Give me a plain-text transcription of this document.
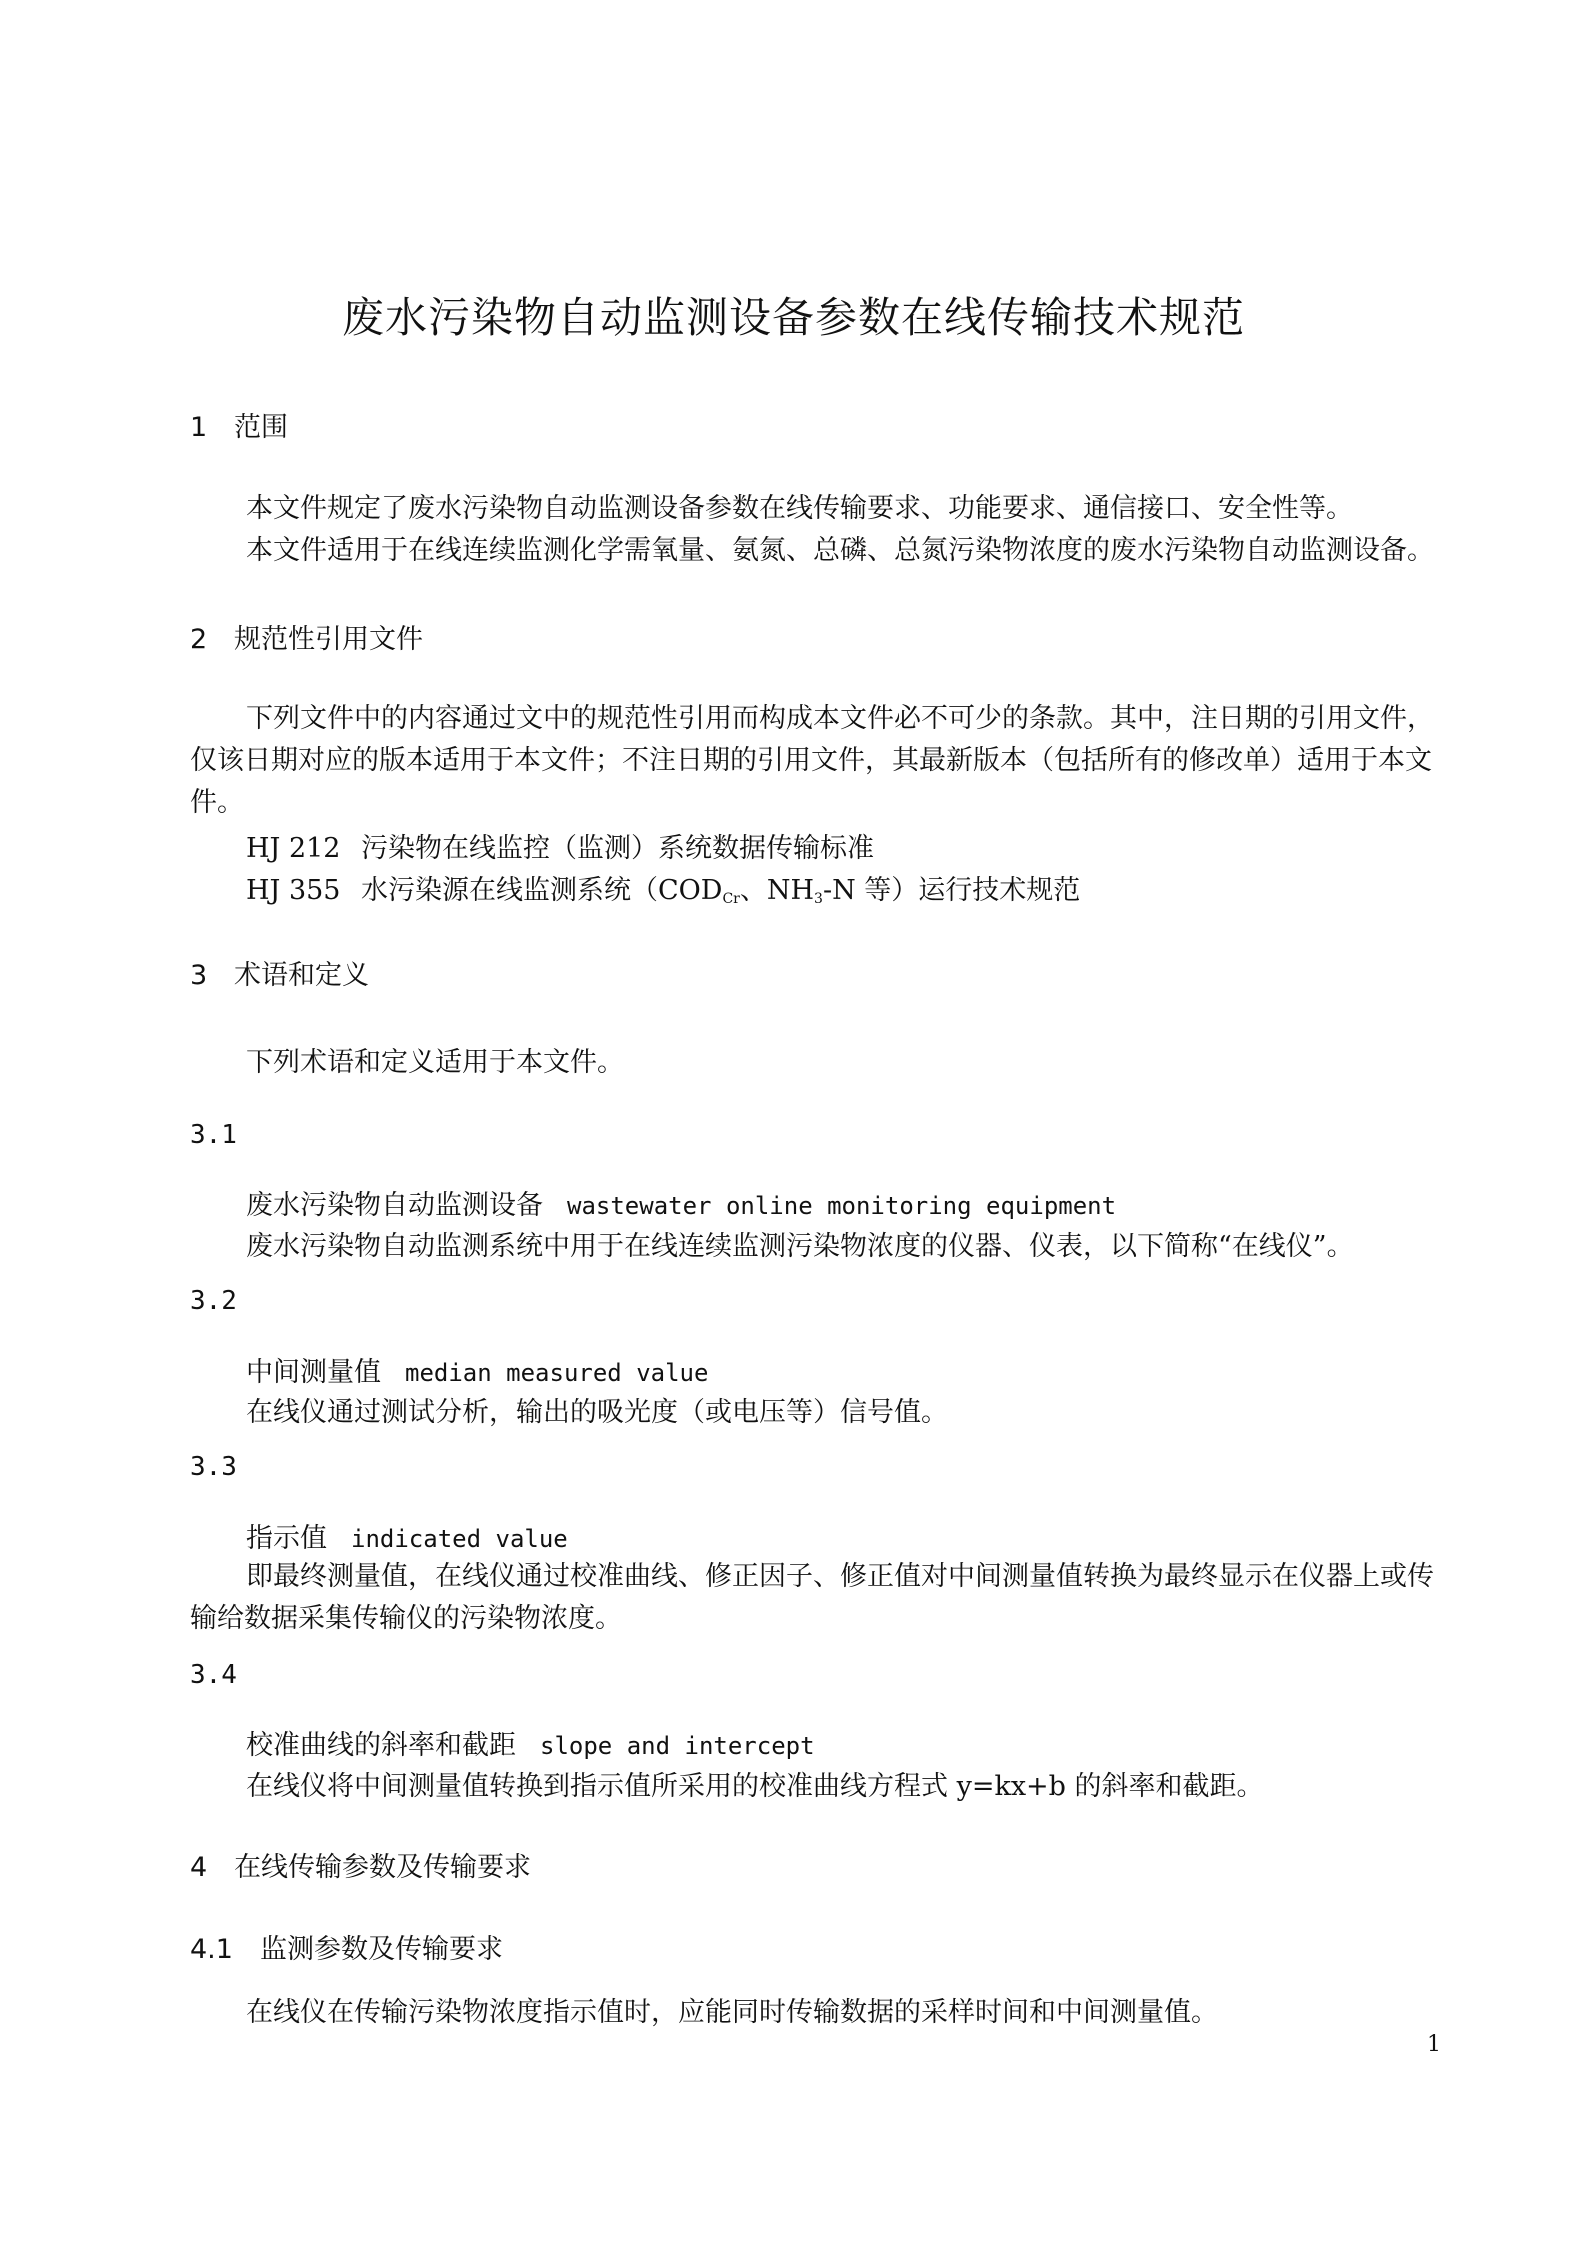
废水污染物自动监测设备参数在线传输技术规范
1 范围
本文件规定了废水污染物自动监测设备参数在线传输要求、功能要求、通信接口、安全性等。
本文件适用于在线连续监测化学需氧量、氨氮、总磷、总氮污染物浓度的废水污染物自动监测设备。
2 规范性引用文件
下列文件中的内容通过文中的规范性引用而构成本文件必不可少的条款。其中，注日期的引用文件，仅该日期对应的版本适用于本文件；不注日期的引用文件，其最新版本（包括所有的修改单）适用于本文件。
HJ 212 污染物在线监控（监测）系统数据传输标准
HJ 355 水污染源在线监测系统（$COD_{Cr}$、$NH_3-N$ 等）运行技术规范
3 术语和定义
下列术语和定义适用于本文件。
3.1
废水污染物自动监测设备 wastewater online monitoring equipment
废水污染物自动监测系统中用于在线连续监测污染物浓度的仪器、仪表，以下简称“在线仪”。
3.2
中间测量值 median measured value
在线仪通过测试分析，输出的吸光度（或电压等）信号值。
3.3
指示值 indicated value
即最终测量值，在线仪通过校准曲线、修正因子、修正值对中间测量值转换为最终显示在仪器上或传输给数据采集传输仪的污染物浓度。
3.4
校准曲线的斜率和截距 slope and intercept
在线仪将中间测量值转换到指示值所采用的校准曲线方程式 y=kx+b 的斜率和截距。
4 在线传输参数及传输要求
4.1 监测参数及传输要求
在线仪在传输污染物浓度指示值时，应能同时传输数据的采样时间和中间测量值。
1
